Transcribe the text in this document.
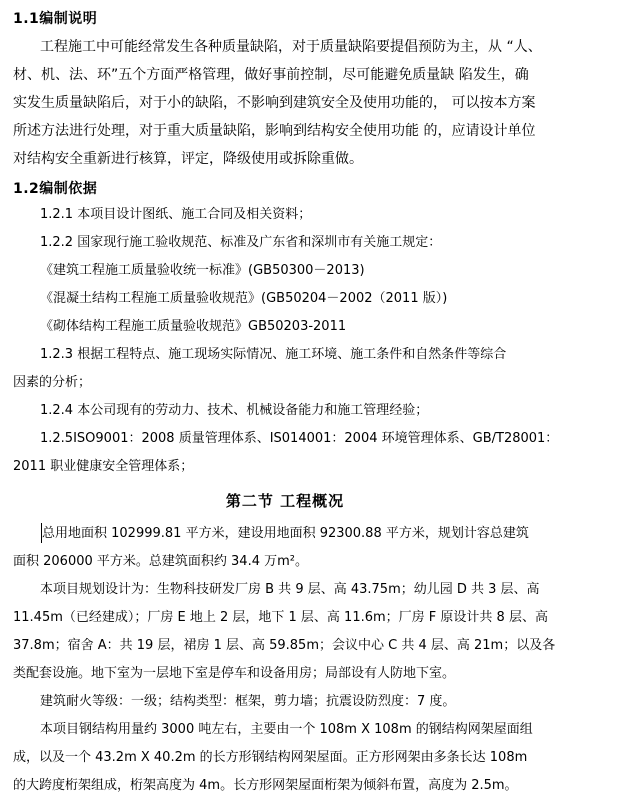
1.1编制说明
工程施工中可能经常发生各种质量缺陷，对于质量缺陷要提倡预防为主，从 “人、
材、机、法、环”五个方面严格管理，做好事前控制，尽可能避免质量缺 陷发生，确
实发生质量缺陷后，对于小的缺陷，不影响到建筑安全及使用功能的， 可以按本方案
所述方法进行处理，对于重大质量缺陷，影响到结构安全使用功能 的，应请设计单位
对结构安全重新进行核算，评定，降级使用或拆除重做。
1.2编制依据
1.2.1 本项目设计图纸、施工合同及相关资料；
1.2.2 国家现行施工验收规范、标准及广东省和深圳市有关施工规定：
《建筑工程施工质量验收统一标准》(GB50300－2013)
《混凝土结构工程施工质量验收规范》(GB50204－2002（2011 版）)
《砌体结构工程施工质量验收规范》GB50203-2011
1.2.3 根据工程特点、施工现场实际情况、施工环境、施工条件和自然条件等综合
因素的分析；
1.2.4 本公司现有的劳动力、技术、机械设备能力和施工管理经验；
1.2.5ISO9001：2008 质量管理体系、IS014001：2004 环境管理体系、GB/T28001：
2011 职业健康安全管理体系；
第二节 工程概况
总用地面积 102999.81 平方米，建设用地面积 92300.88 平方米，规划计容总建筑
面积 206000 平方米。总建筑面积约 34.4 万m²。
本项目规划设计为：生物科技研发厂房 B 共 9 层、高 43.75m；幼儿园 D 共 3 层、高
11.45m（已经建成）；厂房 E 地上 2 层，地下 1 层、高 11.6m；厂房 F 原设计共 8 层、高
37.8m；宿舍 A：共 19 层，裙房 1 层、高 59.85m；会议中心 C 共 4 层、高 21m；以及各
类配套设施。地下室为一层地下室是停车和设备用房；局部设有人防地下室。
建筑耐火等级：一级；结构类型：框架，剪力墙；抗震设防烈度：7 度。
本项目钢结构用量约 3000 吨左右，主要由一个 108m X 108m 的钢结构网架屋面组
成，以及一个 43.2m X 40.2m 的长方形钢结构网架屋面。正方形网架由多条长达 108m
的大跨度桁架组成，桁架高度为 4m。长方形网架屋面桁架为倾斜布置，高度为 2.5m。
